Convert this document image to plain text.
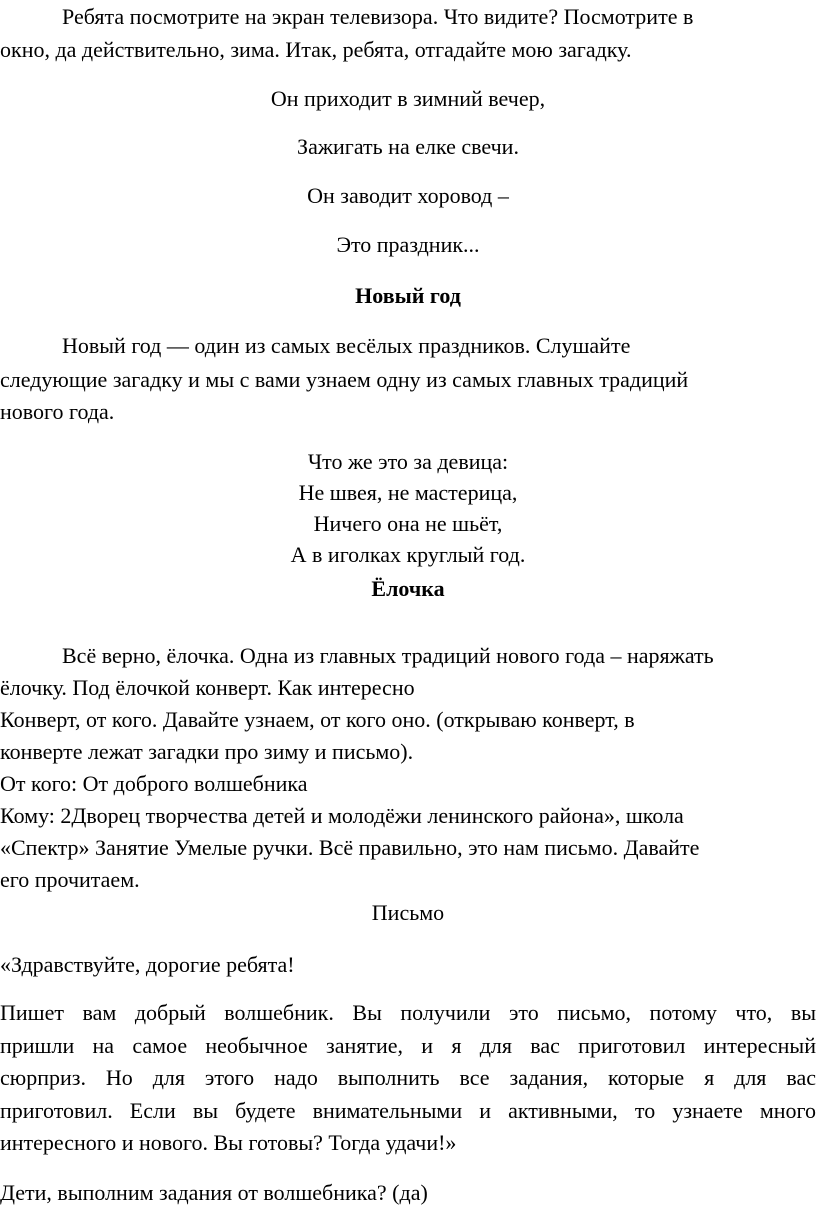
Ребята посмотрите на экран телевизора. Что видите? Посмотрите в
окно, да действительно, зима. Итак, ребята, отгадайте мою загадку.
Он приходит в зимний вечер,
Зажигать на елке свечи.
Он заводит хоровод –
Это праздник...
Новый год
Новый год — один из самых весёлых праздников. Слушайте
следующие загадку и мы с вами узнаем одну из самых главных традиций
нового года.
Что же это за девица:
Не швея, не мастерица,
Ничего она не шьёт,
А в иголках круглый год.
Ёлочка
Всё верно, ёлочка. Одна из главных традиций нового года – наряжать
ёлочку. Под ёлочкой конверт. Как интересно
Конверт, от кого. Давайте узнаем, от кого оно. (открываю конверт, в
конверте лежат загадки про зиму и письмо).
От кого: От доброго волшебника
Кому: 2Дворец творчества детей и молодёжи ленинского района», школа
«Спектр» Занятие Умелые ручки. Всё правильно, это нам письмо. Давайте
его прочитаем.
Письмо
«Здравствуйте, дорогие ребята!
Пишет вам добрый волшебник. Вы получили это письмо, потому что, вы
пришли на самое необычное занятие, и я для вас приготовил интересный
сюрприз. Но для этого надо выполнить все задания, которые я для вас
приготовил. Если вы будете внимательными и активными, то узнаете много
интересного и нового. Вы готовы? Тогда удачи!»
Дети, выполним задания от волшебника? (да)
